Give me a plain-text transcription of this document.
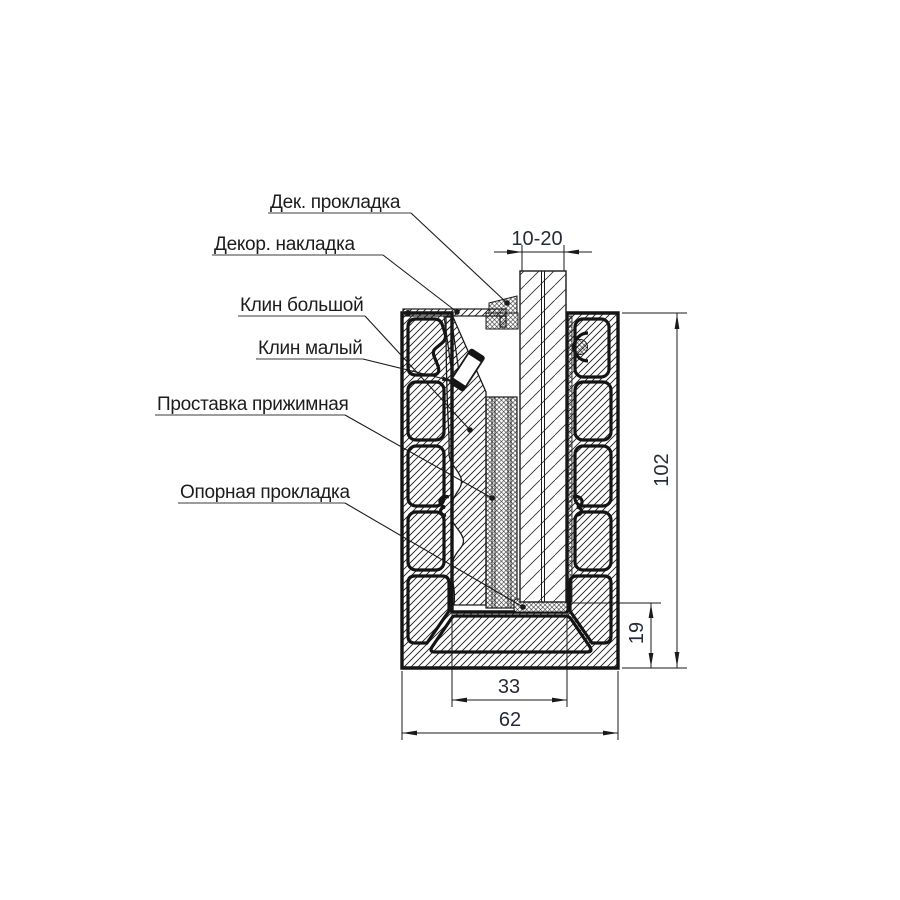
10-20
102
19
33
62
Дек. прокладка
Декор. накладка
Клин большой
Клин малый
Проставка прижимная
Опорная прокладка
